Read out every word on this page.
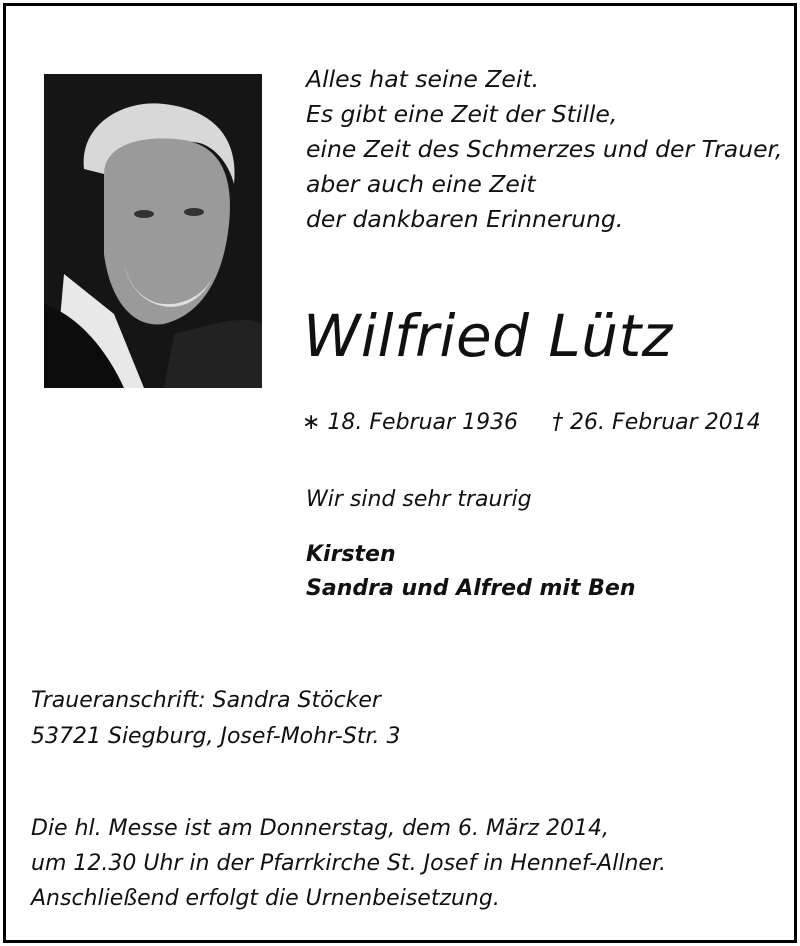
Alles hat seine Zeit.
Es gibt eine Zeit der Stille,
eine Zeit des Schmerzes und der Trauer,
aber auch eine Zeit
der dankbaren Erinnerung.
Wilfried Lütz
∗ 18. Februar 1936 † 26. Februar 2014
Wir sind sehr traurig
Kirsten
Sandra und Alfred mit Ben
Traueranschrift: Sandra Stöcker
53721 Siegburg, Josef-Mohr-Str. 3
Die hl. Messe ist am Donnerstag, dem 6. März 2014,
um 12.30 Uhr in der Pfarrkirche St. Josef in Hennef-Allner.
Anschließend erfolgt die Urnenbeisetzung.
